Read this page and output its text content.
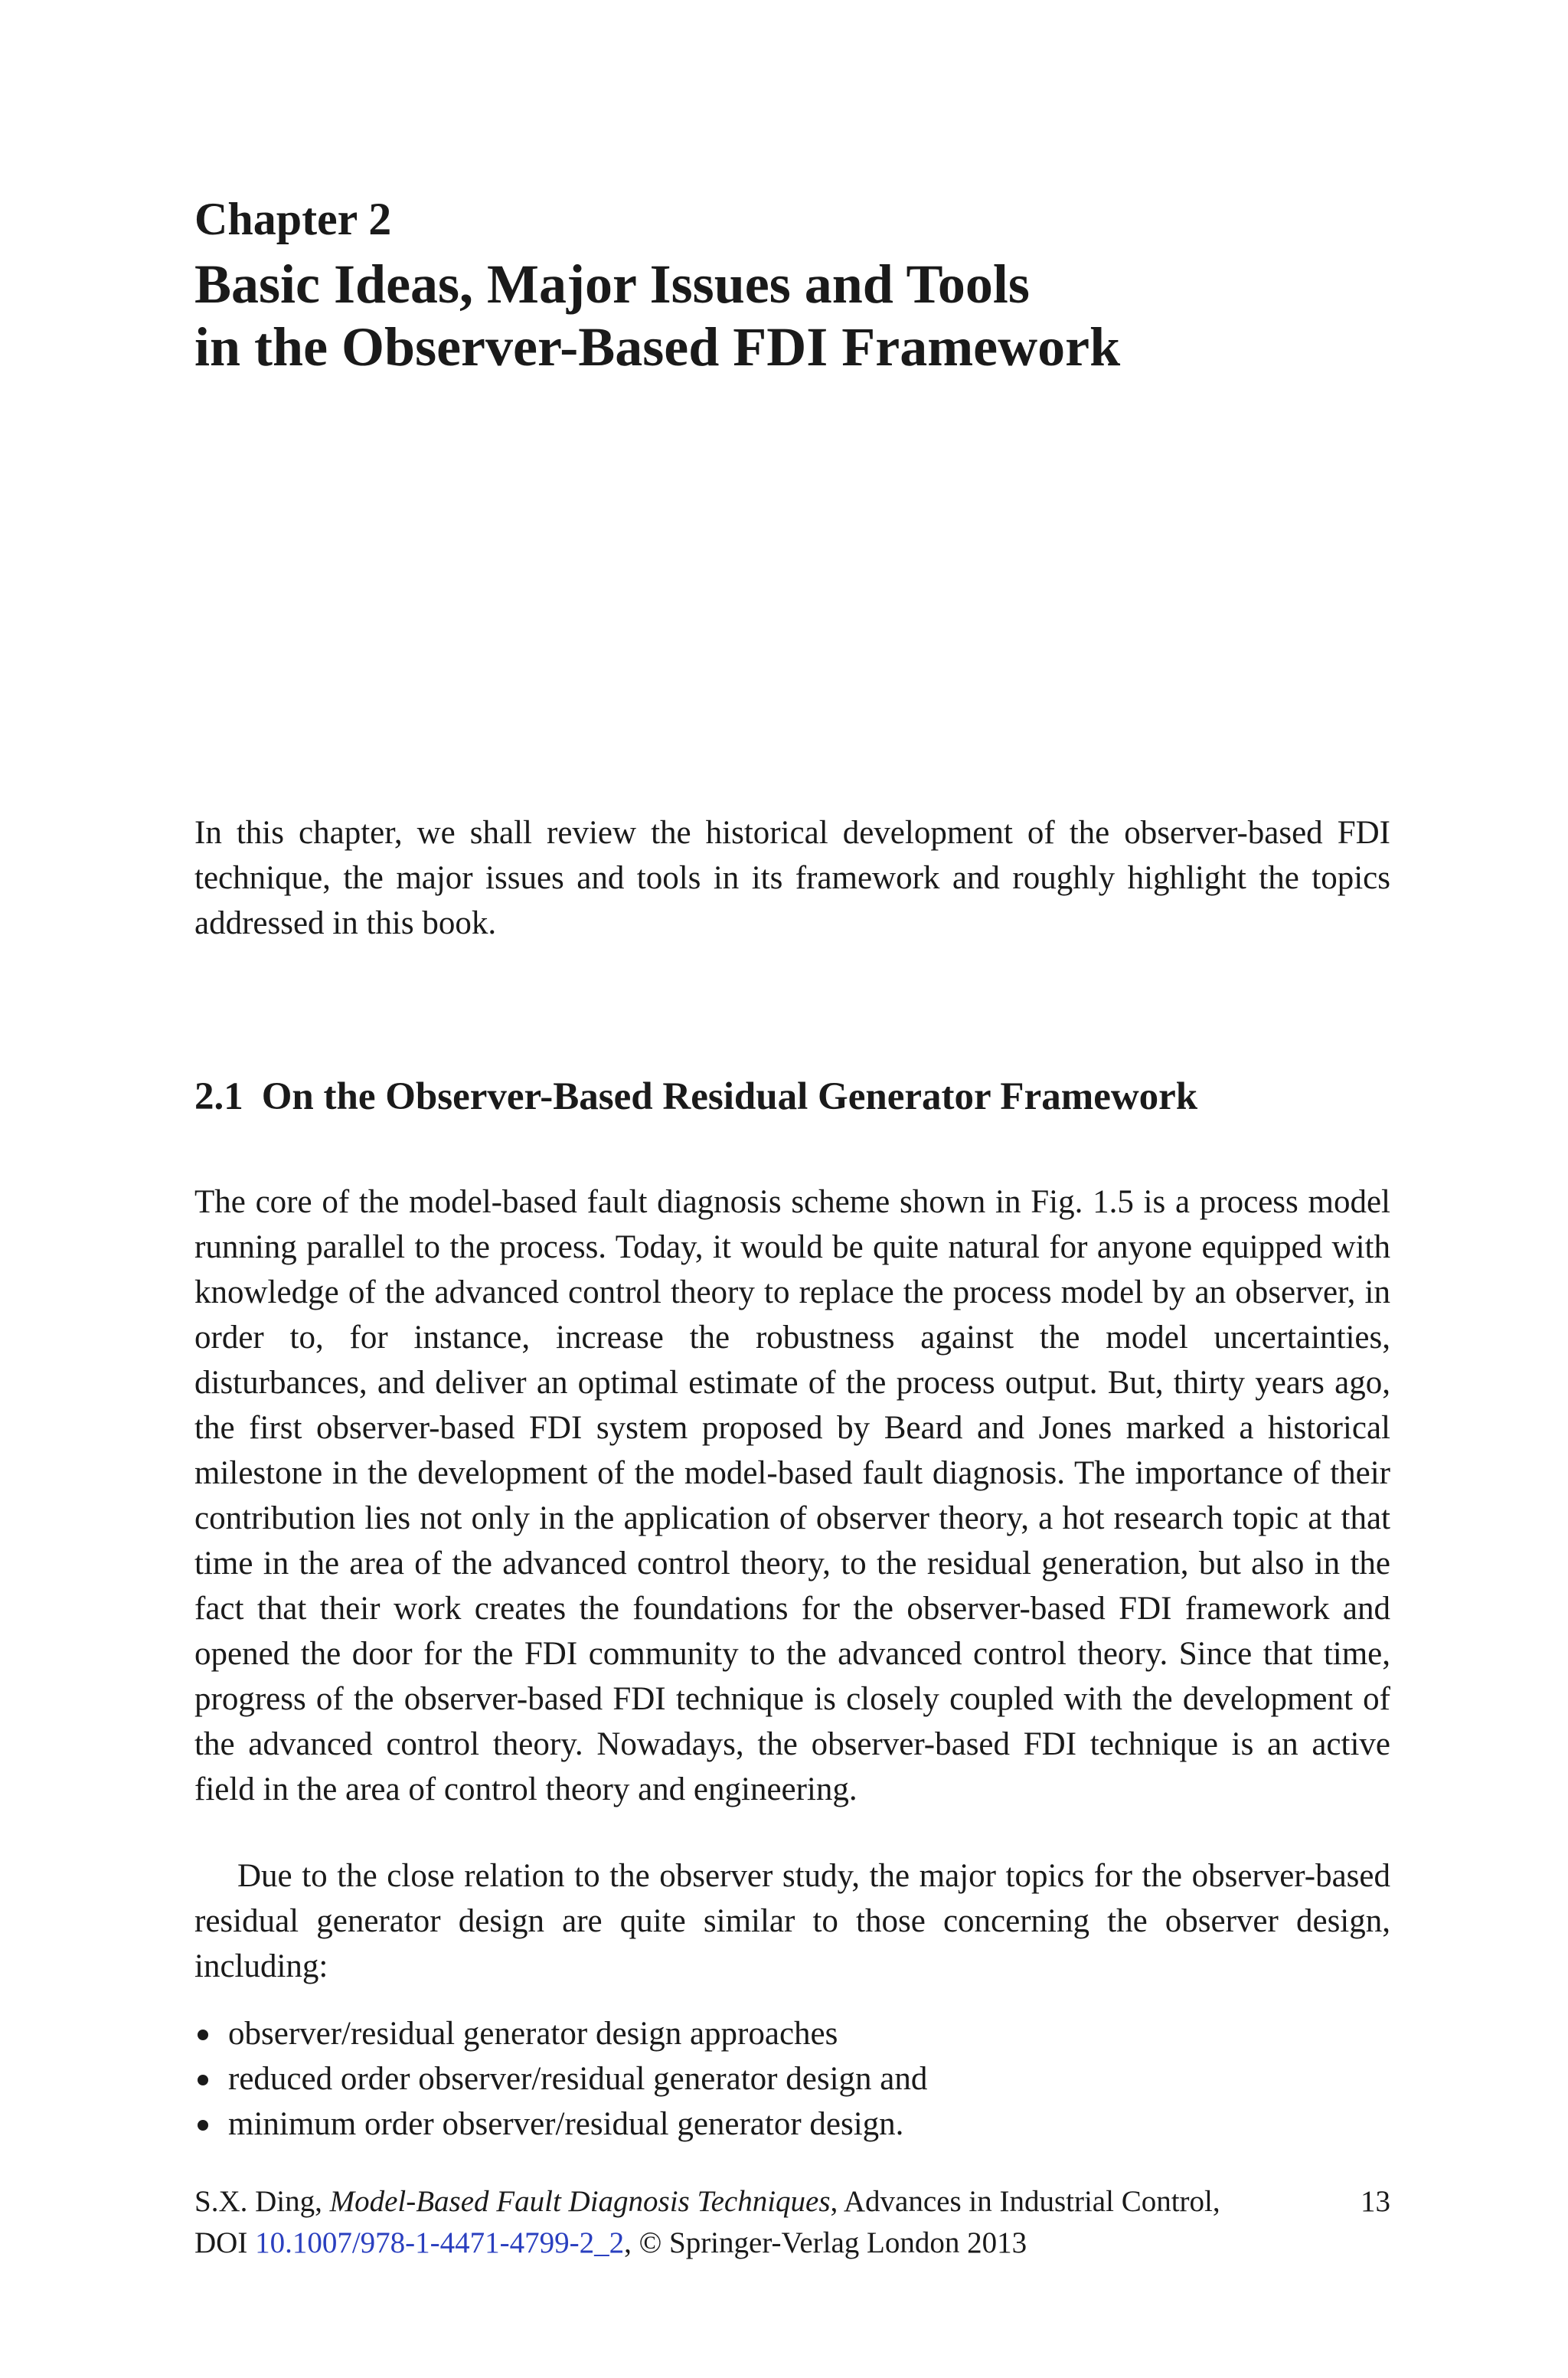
Chapter 2
Basic Ideas, Major Issues and Tools
in the Observer-Based FDI Framework

In this chapter, we shall review the historical development of the observer-based FDI technique, the major issues and tools in its framework and roughly highlight the topics addressed in this book.

2.1 On the Observer-Based Residual Generator Framework

The core of the model-based fault diagnosis scheme shown in Fig. 1.5 is a process model running parallel to the process. Today, it would be quite natural for anyone equipped with knowledge of the advanced control theory to replace the process model by an observer, in order to, for instance, increase the robustness against the model uncertainties, disturbances, and deliver an optimal estimate of the process output. But, thirty years ago, the first observer-based FDI system proposed by Beard and Jones marked a historical milestone in the development of the model-based fault diagnosis. The importance of their contribution lies not only in the application of observer theory, a hot research topic at that time in the area of the advanced control theory, to the residual generation, but also in the fact that their work creates the foundations for the observer-based FDI framework and opened the door for the FDI community to the advanced control theory. Since that time, progress of the observer-based FDI technique is closely coupled with the development of the advanced control theory. Nowadays, the observer-based FDI technique is an active field in the area of control theory and engineering.

Due to the close relation to the observer study, the major topics for the observer-based residual generator design are quite similar to those concerning the observer design, including:

observer/residual generator design approaches
reduced order observer/residual generator design and
minimum order observer/residual generator design.
S.X. Ding, Model-Based Fault Diagnosis Techniques, Advances in Industrial Control,
DOI 10.1007/978-1-4471-4799-2_2, © Springer-Verlag London 2013
13
